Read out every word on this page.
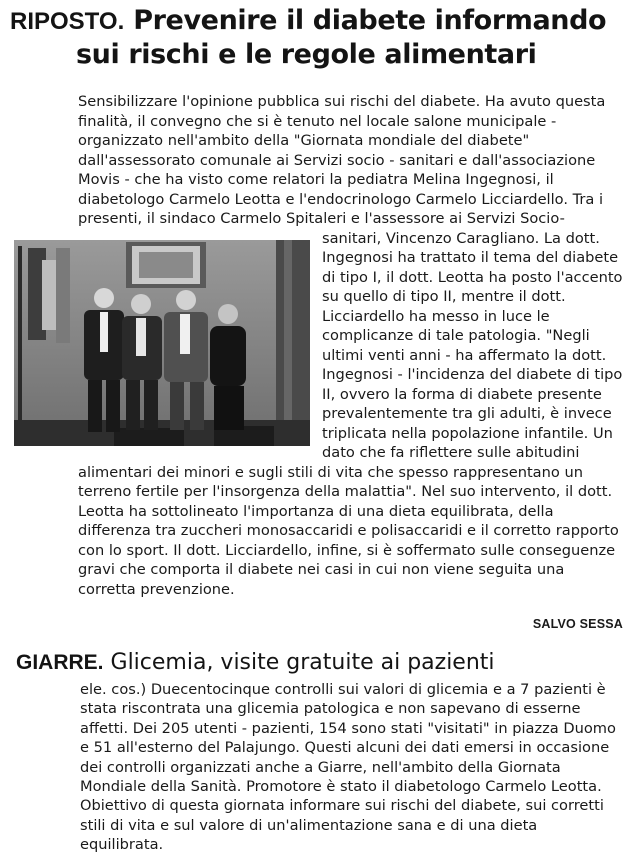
RIPOSTO. Prevenire il diabete informando
sui rischi e le regole alimentari

Sensibilizzare l'opinione pubblica sui rischi del diabete. Ha avuto questa finalità, il convegno che si è tenuto nel locale salone municipale - organizzato nell'ambito della "Giornata mondiale del diabete" dall'assessorato comunale ai Servizi socio - sanitari e dall'associazione Movis - che ha visto come relatori la pediatra Melina Ingegnosi, il diabetologo Carmelo Leotta e l'endocrinologo Carmelo Licciardello. Tra i presenti, il sindaco Carmelo Spitaleri e l'assessore ai Servizi Socio- sanitari, Vincenzo Caragliano. La dott. Ingegnosi ha trattato il tema del diabete di tipo I, il dott. Leotta ha posto l'accento su quello di tipo II, mentre il dott. Licciardello ha messo in luce le complicanze di tale patologia. "Negli ultimi venti anni - ha affermato la dott. Ingegnosi - l'incidenza del diabete di tipo II, ovvero la forma di diabete presente prevalentemente tra gli adulti, è invece triplicata nella popolazione infantile. Un dato che fa riflettere sulle abitudini alimentari dei minori e sugli stili di vita che spesso rappresentano un terreno fertile per l'insorgenza della malattia". Nel suo intervento, il dott. Leotta ha sottolineato l'importanza di una dieta equilibrata, della differenza tra zuccheri monosaccaridi e polisaccaridi e il corretto rapporto con lo sport. Il dott. Licciardello, infine, si è soffermato sulle conseguenze gravi che comporta il diabete nei casi in cui non viene seguita una corretta prevenzione.

SALVO SESSA
GIARRE. Glicemia, visite gratuite ai pazienti

ele. cos.) Duecentocinque controlli sui valori di glicemia e a 7 pazienti è stata riscontrata una glicemia patologica e non sapevano di esserne affetti. Dei 205 utenti - pazienti, 154 sono stati "visitati" in piazza Duomo e 51 all'esterno del Palajungo. Questi alcuni dei dati emersi in occasione dei controlli organizzati anche a Giarre, nell'ambito della Giornata Mondiale della Sanità. Promotore è stato il diabetologo Carmelo Leotta. Obiettivo di questa giornata informare sui rischi del diabete, sui corretti stili di vita e sul valore di un'alimentazione sana e di una dieta equilibrata.
